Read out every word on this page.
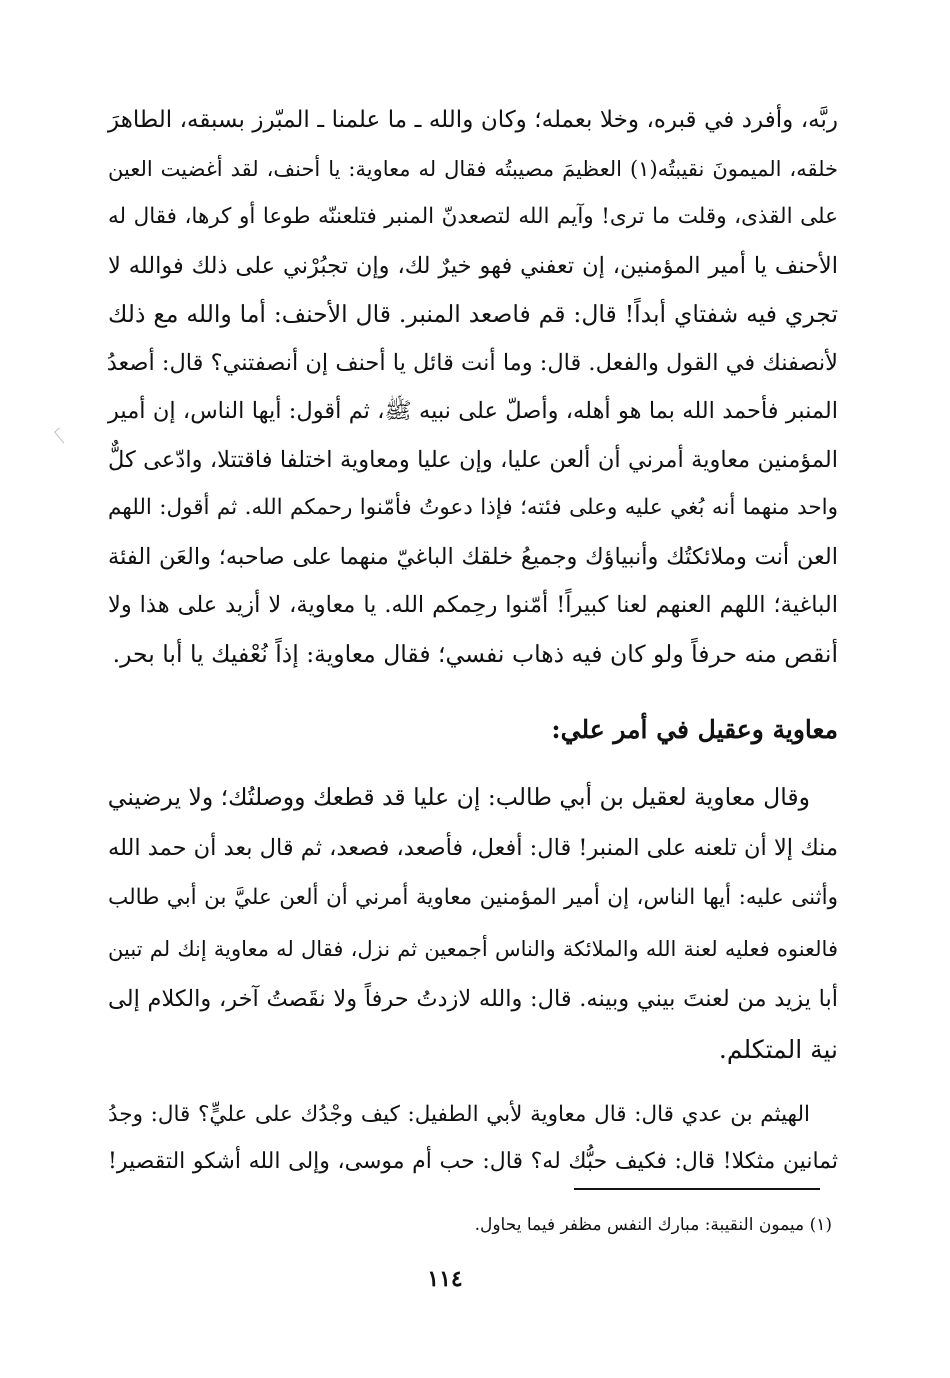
ربَّه، وأفرد في قبره، وخلا بعمله؛ وكان والله ـ ما علمنا ـ المبّرز بسبقه، الطاهرَ
خلقه، الميمونَ نقيبتُه(١) العظيمَ مصيبتُه فقال له معاوية: يا أحنف، لقد أغضيت العين
على القذى، وقلت ما ترى! وآيم الله لتصعدنّ المنبر فتلعننّه طوعا أو كرها، فقال له
الأحنف يا أمير المؤمنين، إن تعفني فهو خيرٌ لك، وإن تجبُرْني على ذلك فوالله لا
تجري فيه شفتاي أبداً! قال: قم فاصعد المنبر. قال الأحنف: أما والله مع ذلك
لأنصفنك في القول والفعل. قال: وما أنت قائل يا أحنف إن أنصفتني؟ قال: أصعدُ
المنبر فأحمد الله بما هو أهله، وأصلّ على نبيه ﷺ، ثم أقول: أيها الناس، إن أمير
المؤمنين معاوية أمرني أن ألعن عليا، وإن عليا ومعاوية اختلفا فاقتتلا، وادّعى كلٌّ
واحد منهما أنه بُغي عليه وعلى فئته؛ فإذا دعوتُ فأمّنوا رحمكم الله. ثم أقول: اللهم
العن أنت وملائكتُك وأنبياؤك وجميعُ خلقك الباغيّ منهما على صاحبه؛ والعَن الفئة
الباغية؛ اللهم العنهم لعنا كبيراً! أمّنوا رحِمكم الله. يا معاوية، لا أزيد على هذا ولا
أنقص منه حرفاً ولو كان فيه ذهاب نفسي؛ فقال معاوية: إذاً نُعْفيك يا أبا بحر.
معاوية وعقيل في أمر علي:
وقال معاوية لعقيل بن أبي طالب: إن عليا قد قطعك ووصلتُك؛ ولا يرضيني
منك إلا أن تلعنه على المنبر! قال: أفعل، فأصعد، فصعد، ثم قال بعد أن حمد الله
وأثنى عليه: أيها الناس، إن أمير المؤمنين معاوية أمرني أن ألعن عليَّ بن أبي طالب
فالعنوه فعليه لعنة الله والملائكة والناس أجمعين ثم نزل، فقال له معاوية إنك لم تبين
أبا يزيد من لعنتَ بيني وبينه. قال: والله لازدتُ حرفاً ولا نقَصتُ آخر، والكلام إلى
نية المتكلم.
الهيثم بن عدي قال: قال معاوية لأبي الطفيل: كيف وجْدُك على عليٍّ؟ قال: وجدُ
ثمانين مثكلا! قال: فكيف حبُّك له؟ قال: حب أم موسى، وإلى الله أشكو التقصير!
(١) ميمون النقيبة: مبارك النفس مظفر فيما يحاول.
١١٤
